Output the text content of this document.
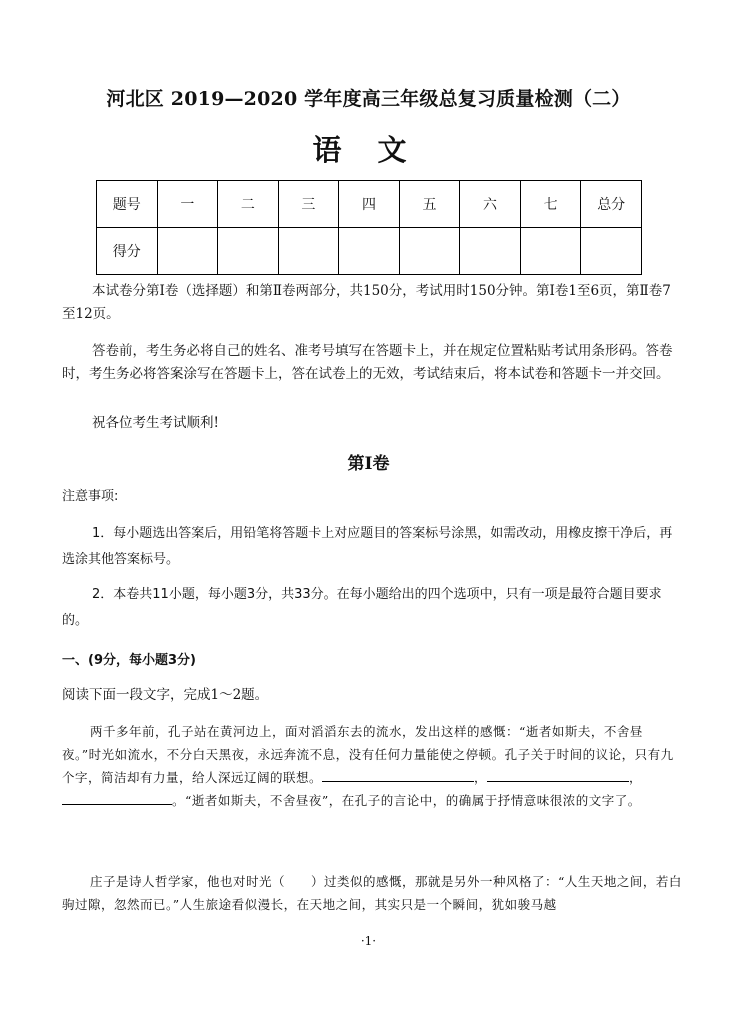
河北区 2019—2020 学年度高三年级总复习质量检测（二）
语文
题号	一	二	三	四	五	六	七	总分
得分								
本试卷分第Ⅰ卷（选择题）和第Ⅱ卷两部分，共150分，考试用时150分钟。第Ⅰ卷1至6页，第Ⅱ卷7至12页。
答卷前，考生务必将自己的姓名、准考号填写在答题卡上，并在规定位置粘贴考试用条形码。答卷时，考生务必将答案涂写在答题卡上，答在试卷上的无效，考试结束后，将本试卷和答题卡一并交回。
祝各位考生考试顺利!
第Ⅰ卷
注意事项:
1．每小题选出答案后，用铅笔将答题卡上对应题目的答案标号涂黑，如需改动，用橡皮擦干净后，再选涂其他答案标号。
2．本卷共11小题，每小题3分，共33分。在每小题给出的四个选项中，只有一项是最符合题目要求的。
一、(9分，每小题3分)
阅读下面一段文字，完成1～2题。
两千多年前，孔子站在黄河边上，面对滔滔东去的流水，发出这样的感慨：“逝者如斯夫，不舍昼夜。”时光如流水，不分白天黑夜，永远奔流不息，没有任何力量能使之停顿。孔子关于时间的议论，只有九个字，简洁却有力量，给人深远辽阔的联想。	，	，。“逝者如斯夫，不舍昼夜”，在孔子的言论中，的确属于抒情意味很浓的文字了。
庄子是诗人哲学家，他也对时光（　　）过类似的感慨，那就是另外一种风格了：“人生天地之间，若白驹过隙，忽然而已。”人生旅途看似漫长，在天地之间，其实只是一个瞬间，犹如骏马越
·1·
